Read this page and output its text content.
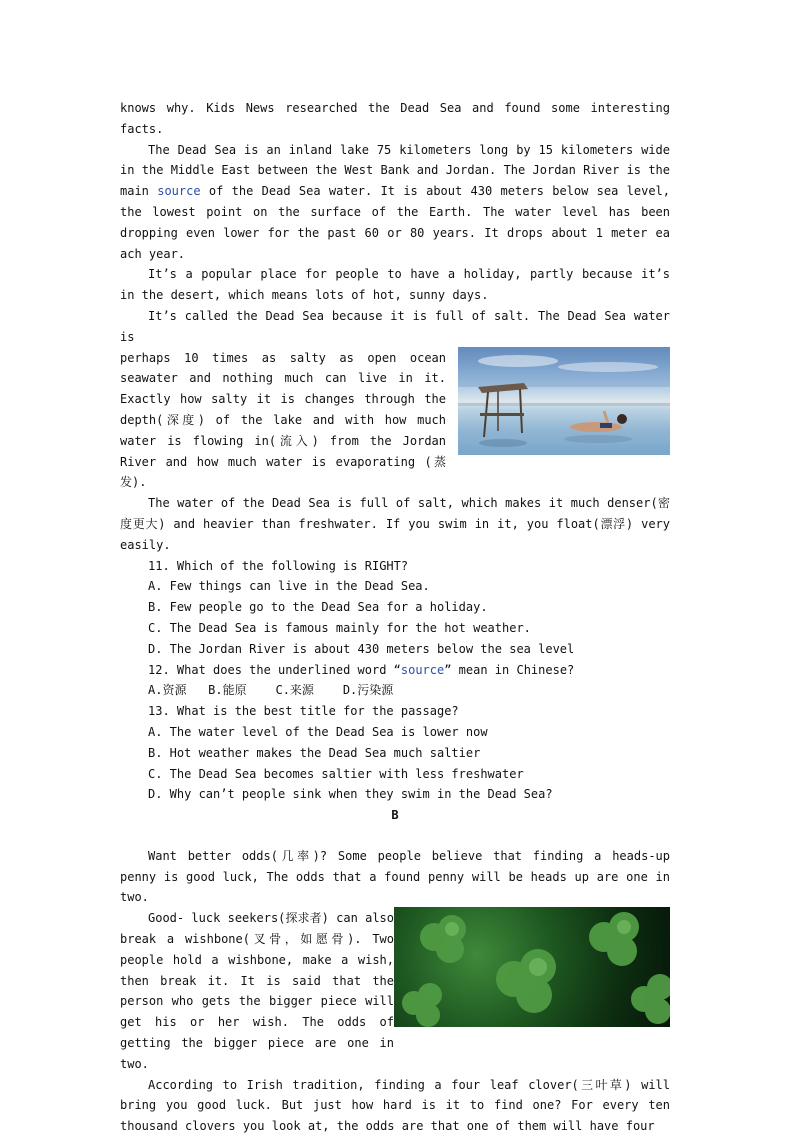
knows why. Kids News researched the Dead Sea and found some interesting facts.

The Dead Sea is an inland lake 75 kilometers long by 15 kilometers wide in the Middle East between the West Bank and Jordan. The Jordan River is the main source of the Dead Sea water. It is about 430 meters below sea level, the lowest point on the surface of the Earth. The water level has been dropping even lower for the past 60 or 80 years. It drops about 1 meter ea ach year.

It’s a popular place for people to have a holiday, partly because it’s in the desert, which means lots of hot, sunny days.

It’s called the Dead Sea because it is full of salt. The Dead Sea water is

perhaps 10 times as salty as open ocean seawater and nothing much can live in it. Exactly how salty it is changes through the depth(深度) of the lake and with how much water is flowing in(流入) from the Jordan River and how much water is evaporating (蒸发).

The water of the Dead Sea is full of salt, which makes it much denser(密度更大) and heavier than freshwater. If you swim in it, you float(漂浮) very easily.

11. Which of the following is RIGHT?

A. Few things can live in the Dead Sea.

B. Few people go to the Dead Sea for a holiday.

C. The Dead Sea is famous mainly for the hot weather.

D. The Jordan River is about 430 meters below the sea level

12. What does the underlined word “source” mean in Chinese?

A.资源   B.能原    C.来源    D.污染源

13. What is the best title for the passage?

A. The water level of the Dead Sea is lower now

B. Hot weather makes the Dead Sea much saltier

C. The Dead Sea becomes saltier with less freshwater

D. Why can’t people sink when they swim in the Dead Sea?

B

Want better odds(几率)? Some people believe that finding a heads-up penny is good luck, The odds that a found penny will be heads up are one in two.

Good- luck seekers(探求者) can also break a wishbone(叉骨，如愿骨). Two people hold a wishbone, make a wish, then break it. It is said that the person who gets the bigger piece will get his or her wish. The odds of getting the bigger piece are one in two.

According to Irish tradition, finding a four leaf clover(三叶草) will bring you good luck. But just how hard is it to find one? For every ten thousand clovers you look at, the odds are that one of them will have four
